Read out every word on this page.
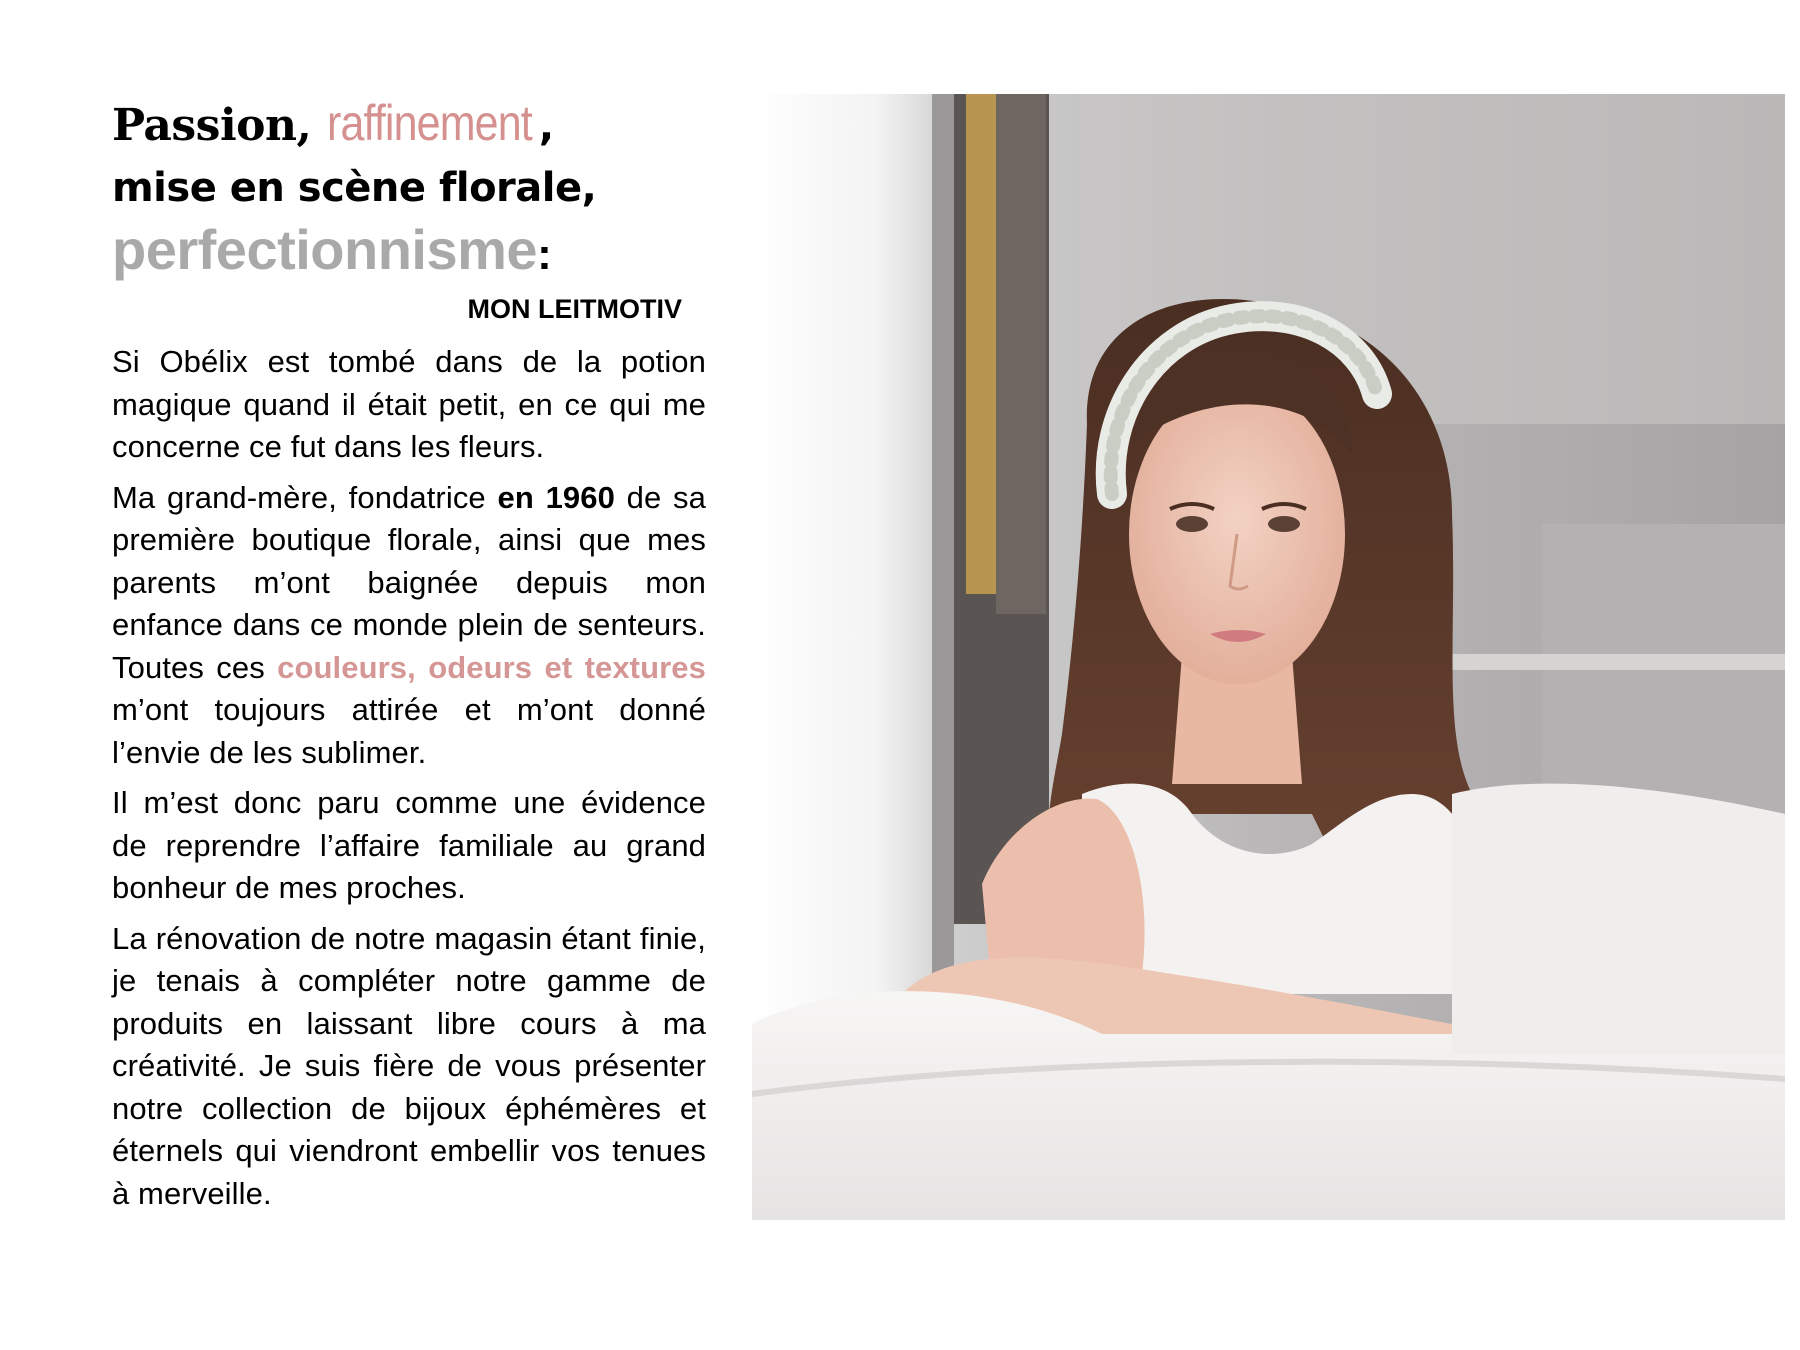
Passion, raffinement ,
mise en scène florale,
perfectionnisme:
MON LEITMOTIV

Si Obélix est tombé dans de la potion magique quand il était petit, en ce qui me concerne ce fut dans les fleurs.

Ma grand-mère, fondatrice en 1960 de sa première boutique florale, ainsi que mes parents m’ont baignée depuis mon enfance dans ce monde plein de senteurs. Toutes ces couleurs, odeurs et textures m’ont toujours attirée et m’ont donné l’envie de les sublimer.

Il m’est donc paru comme une évidence de reprendre l’affaire familiale au grand bonheur de mes proches.

La rénovation de notre magasin étant finie, je tenais à compléter notre gamme de produits en laissant libre cours à ma créativité. Je suis fière de vous présenter notre collection de bijoux éphémères et éternels qui viendront embellir vos tenues à merveille.
